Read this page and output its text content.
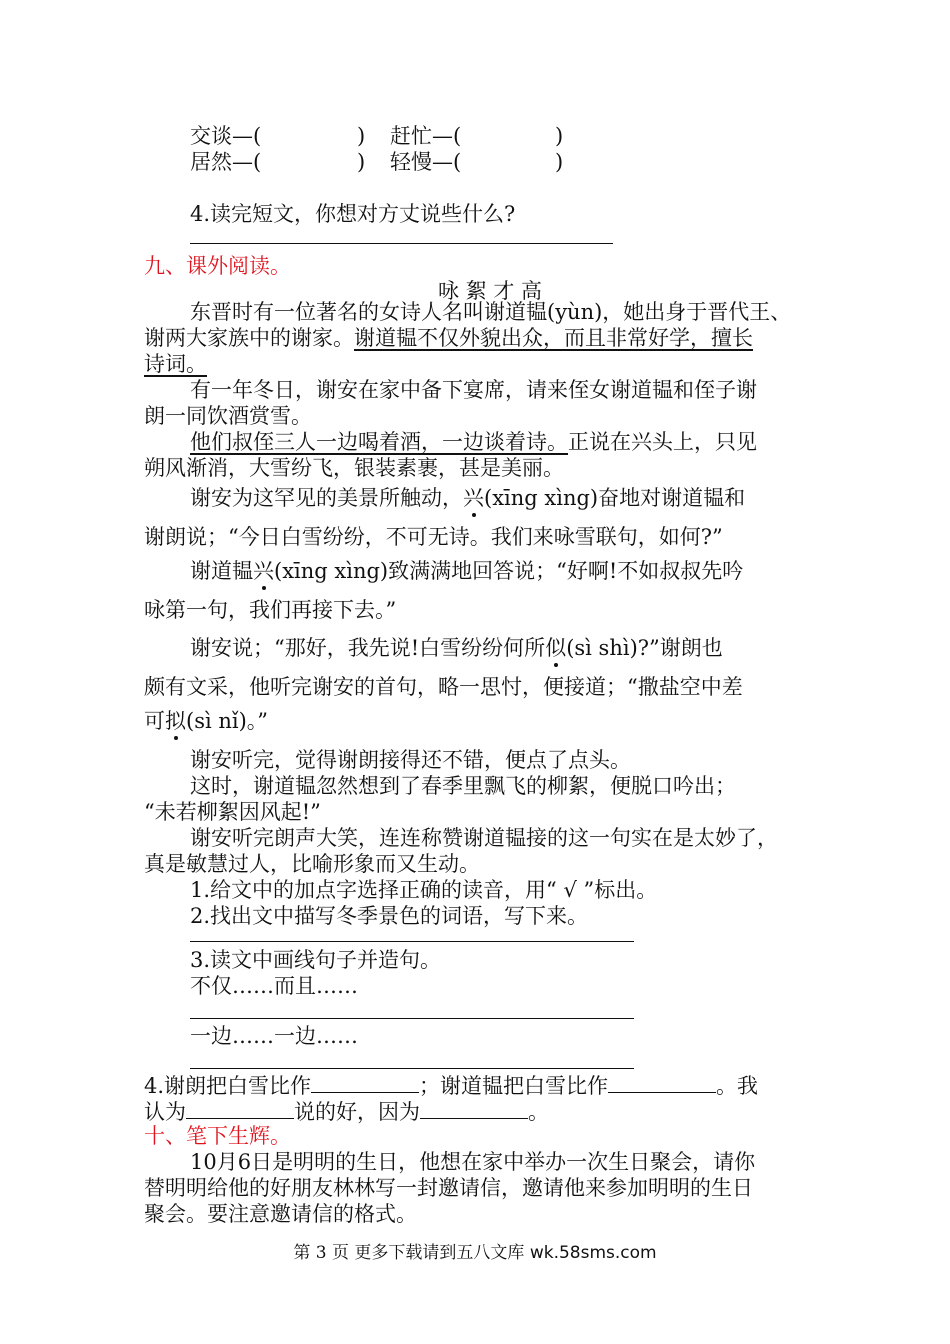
交谈—(	) 赶忙—(	)
居然—(	) 轻慢—(	)
4.读完短文，你想对方丈说些什么?
九、课外阅读。
咏 絮 才 高
东晋时有一位著名的女诗人名叫谢道韫(yùn)，她出身于晋代王、
谢两大家族中的谢家。谢道韫不仅外貌出众，而且非常好学，擅长
诗词。
有一年冬日，谢安在家中备下宴席，请来侄女谢道韫和侄子谢
朗一同饮酒赏雪。
他们叔侄三人一边喝着酒，一边谈着诗。正说在兴头上，只见
朔风渐消，大雪纷飞，银装素裹，甚是美丽。
谢安为这罕见的美景所触动，兴(xīng xìng)奋地对谢道韫和
谢朗说；“今日白雪纷纷，不可无诗。我们来咏雪联句，如何?”
谢道韫兴(xīng xìng)致满满地回答说；“好啊!不如叔叔先吟
咏第一句，我们再接下去。”
谢安说；“那好，我先说!白雪纷纷何所似(sì shì)?”谢朗也
颇有文采，他听完谢安的首句，略一思忖，便接道；“撒盐空中差
可拟(sì nǐ)。”
谢安听完，觉得谢朗接得还不错，便点了点头。
这时，谢道韫忽然想到了春季里飘飞的柳絮，便脱口吟出；
“未若柳絮因风起!”
谢安听完朗声大笑，连连称赞谢道韫接的这一句实在是太妙了，
真是敏慧过人，比喻形象而又生动。
1.给文中的加点字选择正确的读音，用“ √ ”标出。
2.找出文中描写冬季景色的词语，写下来。
3.读文中画线句子并造句。
不仅……而且……
一边……一边……
4.谢朗把白雪比作	；谢道韫把白雪比作	。我
认为	说的好，因为	。
十、笔下生辉。
10月6日是明明的生日，他想在家中举办一次生日聚会，请你
替明明给他的好朋友林林写一封邀请信，邀请他来参加明明的生日
聚会。要注意邀请信的格式。
第 3 页 更多下载请到五八文库 wk.58sms.com
